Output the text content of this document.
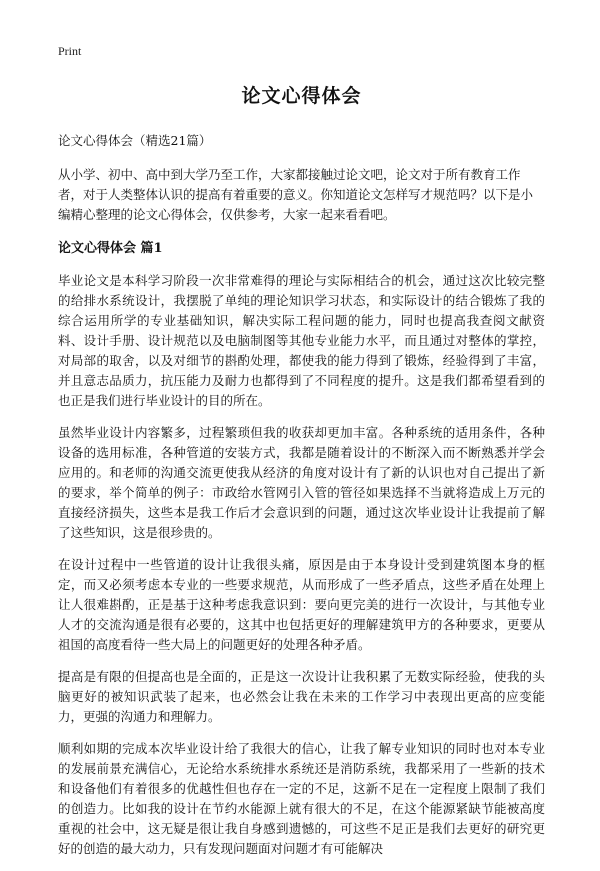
Print
论文心得体会
论文心得体会（精选21篇）

从小学、初中、高中到大学乃至工作，大家都接触过论文吧，论文对于所有教育工作者，对于人类整体认识的提高有着重要的意义。你知道论文怎样写才规范吗？以下是小编精心整理的论文心得体会，仅供参考，大家一起来看看吧。

论文心得体会 篇1

毕业论文是本科学习阶段一次非常难得的理论与实际相结合的机会，通过这次比较完整的给排水系统设计，我摆脱了单纯的理论知识学习状态，和实际设计的结合锻炼了我的综合运用所学的专业基础知识，解决实际工程问题的能力，同时也提高我查阅文献资料、设计手册、设计规范以及电脑制图等其他专业能力水平，而且通过对整体的掌控，对局部的取舍，以及对细节的斟酌处理，都使我的能力得到了锻炼，经验得到了丰富，并且意志品质力，抗压能力及耐力也都得到了不同程度的提升。这是我们都希望看到的也正是我们进行毕业设计的目的所在。

虽然毕业设计内容繁多，过程繁琐但我的收获却更加丰富。各种系统的适用条件，各种设备的选用标准，各种管道的安装方式，我都是随着设计的不断深入而不断熟悉并学会应用的。和老师的沟通交流更使我从经济的角度对设计有了新的认识也对自己提出了新的要求，举个简单的例子：市政给水管网引入管的管径如果选择不当就将造成上万元的直接经济损失，这些本是我工作后才会意识到的问题，通过这次毕业设计让我提前了解了这些知识，这是很珍贵的。

在设计过程中一些管道的设计让我很头痛，原因是由于本身设计受到建筑图本身的框定，而又必须考虑本专业的一些要求规范，从而形成了一些矛盾点，这些矛盾在处理上让人很难斟酌，正是基于这种考虑我意识到：要向更完美的进行一次设计，与其他专业人才的交流沟通是很有必要的，这其中也包括更好的理解建筑甲方的各种要求，更要从祖国的高度看待一些大局上的问题更好的处理各种矛盾。

提高是有限的但提高也是全面的，正是这一次设计让我积累了无数实际经验，使我的头脑更好的被知识武装了起来，也必然会让我在未来的工作学习中表现出更高的应变能力，更强的沟通力和理解力。

顺利如期的完成本次毕业设计给了我很大的信心，让我了解专业知识的同时也对本专业的发展前景充满信心，无论给水系统排水系统还是消防系统，我都采用了一些新的技术和设备他们有着很多的优越性但也存在一定的不足，这新不足在一定程度上限制了我们的创造力。比如我的设计在节约水能源上就有很大的不足，在这个能源紧缺节能被高度重视的社会中，这无疑是很让我自身感到遗憾的，可这些不足正是我们去更好的研究更好的创造的最大动力，只有发现问题面对问题才有可能解决
